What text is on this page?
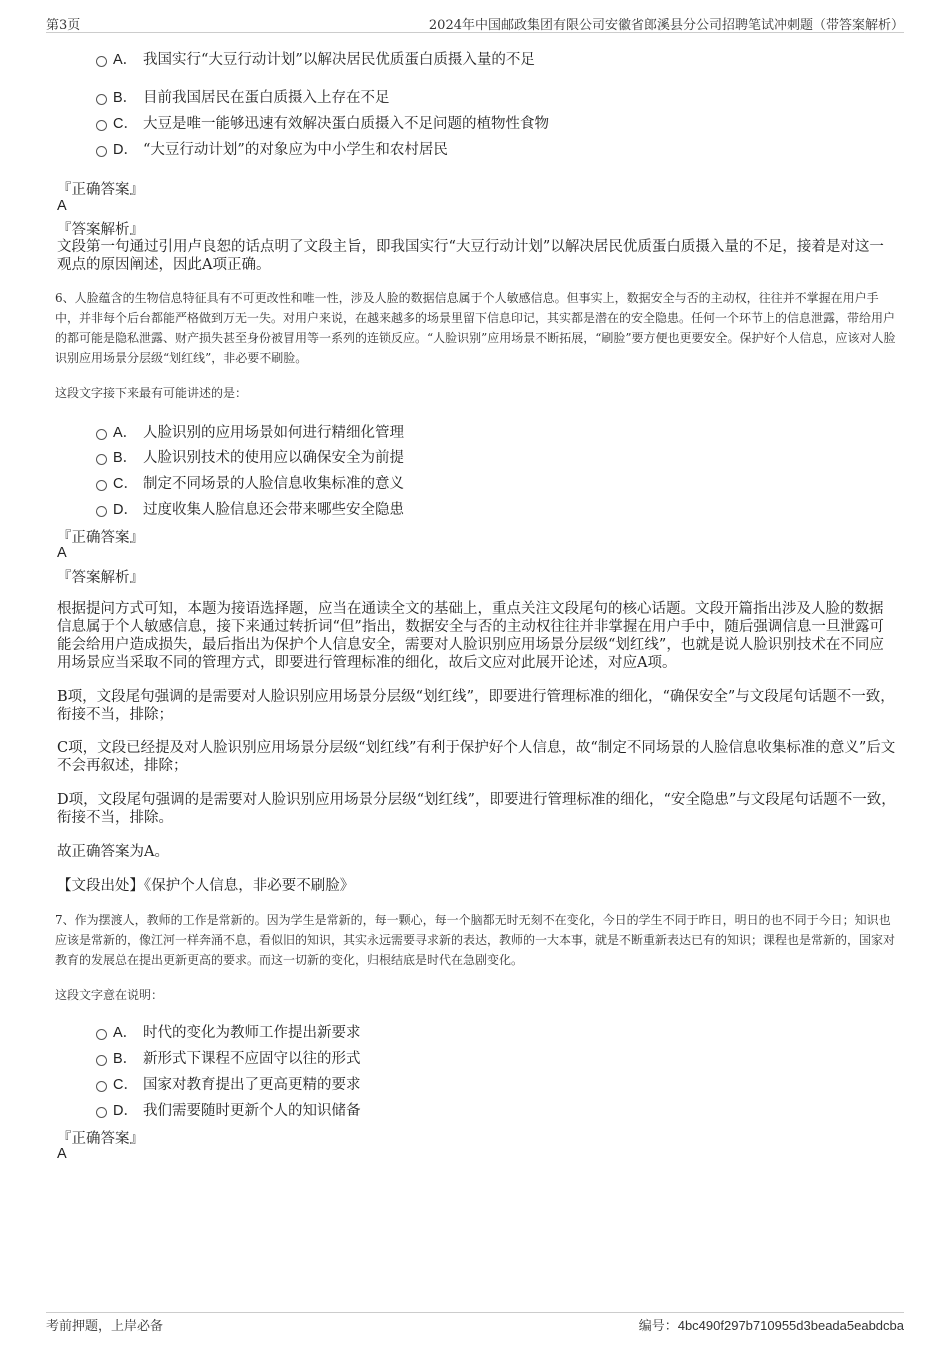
第3页	2024年中国邮政集团有限公司安徽省郎溪县分公司招聘笔试冲刺题（带答案解析）
A． 我国实行“大豆行动计划”以解决居民优质蛋白质摄入量的不足
B． 目前我国居民在蛋白质摄入上存在不足
C． 大豆是唯一能够迅速有效解决蛋白质摄入不足问题的植物性食物
D． “大豆行动计划”的对象应为中小学生和农村居民
『正确答案』
A
『答案解析』
文段第一句通过引用卢良恕的话点明了文段主旨，即我国实行“大豆行动计划”以解决居民优质蛋白质摄入量的不足，接着是对这一观点的原因阐述，因此A项正确。
6、人脸蕴含的生物信息特征具有不可更改性和唯一性，涉及人脸的数据信息属于个人敏感信息。但事实上，数据安全与否的主动权，往往并不掌握在用户手中，并非每个后台都能严格做到万无一失。对用户来说，在越来越多的场景里留下信息印记，其实都是潜在的安全隐患。任何一个环节上的信息泄露，带给用户的都可能是隐私泄露、财产损失甚至身份被冒用等一系列的连锁反应。“人脸识别”应用场景不断拓展，“刷脸”要方便也更要安全。保护好个人信息，应该对人脸识别应用场景分层级“划红线”，非必要不刷脸。
这段文字接下来最有可能讲述的是：
A． 人脸识别的应用场景如何进行精细化管理
B． 人脸识别技术的使用应以确保安全为前提
C． 制定不同场景的人脸信息收集标准的意义
D． 过度收集人脸信息还会带来哪些安全隐患
『正确答案』
A
『答案解析』
根据提问方式可知，本题为接语选择题，应当在通读全文的基础上，重点关注文段尾句的核心话题。文段开篇指出涉及人脸的数据信息属于个人敏感信息，接下来通过转折词“但”指出，数据安全与否的主动权往往并非掌握在用户手中，随后强调信息一旦泄露可能会给用户造成损失，最后指出为保护个人信息安全，需要对人脸识别应用场景分层级“划红线”，也就是说人脸识别技术在不同应用场景应当采取不同的管理方式，即要进行管理标准的细化，故后文应对此展开论述，对应A项。
B项，文段尾句强调的是需要对人脸识别应用场景分层级“划红线”，即要进行管理标准的细化，“确保安全”与文段尾句话题不一致，衔接不当，排除；
C项，文段已经提及对人脸识别应用场景分层级“划红线”有利于保护好个人信息，故“制定不同场景的人脸信息收集标准的意义”后文不会再叙述，排除；
D项，文段尾句强调的是需要对人脸识别应用场景分层级“划红线”，即要进行管理标准的细化，“安全隐患”与文段尾句话题不一致，衔接不当，排除。
故正确答案为A。
【文段出处】《保护个人信息，非必要不刷脸》
7、作为摆渡人，教师的工作是常新的。因为学生是常新的，每一颗心，每一个脑都无时无刻不在变化，今日的学生不同于昨日，明日的也不同于今日；知识也应该是常新的，像江河一样奔涌不息，看似旧的知识，其实永远需要寻求新的表达，教师的一大本事，就是不断重新表达已有的知识；课程也是常新的，国家对教育的发展总在提出更新更高的要求。而这一切新的变化，归根结底是时代在急剧变化。
这段文字意在说明：
A． 时代的变化为教师工作提出新要求
B． 新形式下课程不应固守以往的形式
C． 国家对教育提出了更高更精的要求
D． 我们需要随时更新个人的知识储备
『正确答案』
A
考前押题，上岸必备	编号：4bc490f297b710955d3beada5eabdcba
